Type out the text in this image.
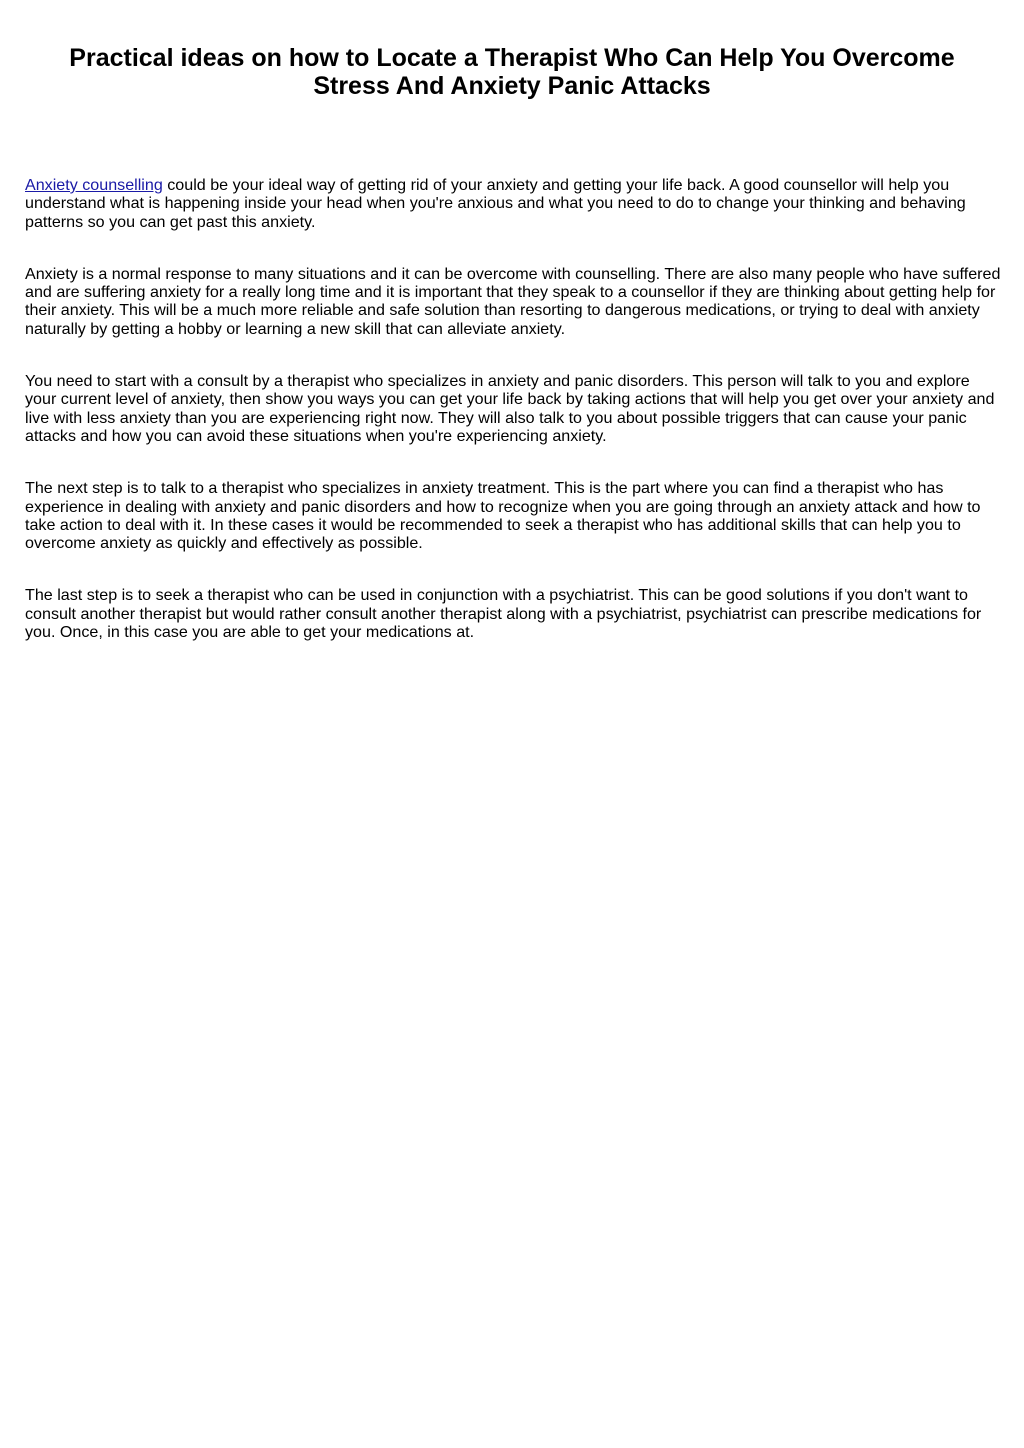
Practical ideas on how to Locate a Therapist Who Can Help You Overcome Stress And Anxiety Panic Attacks

Anxiety counselling could be your ideal way of getting rid of your anxiety and getting your life back. A good counsellor will help you understand what is happening inside your head when you're anxious and what you need to do to change your thinking and behaving patterns so you can get past this anxiety.

Anxiety is a normal response to many situations and it can be overcome with counselling. There are also many people who have suffered and are suffering anxiety for a really long time and it is important that they speak to a counsellor if they are thinking about getting help for their anxiety. This will be a much more reliable and safe solution than resorting to dangerous medications, or trying to deal with anxiety naturally by getting a hobby or learning a new skill that can alleviate anxiety.

You need to start with a consult by a therapist who specializes in anxiety and panic disorders. This person will talk to you and explore your current level of anxiety, then show you ways you can get your life back by taking actions that will help you get over your anxiety and live with less anxiety than you are experiencing right now. They will also talk to you about possible triggers that can cause your panic attacks and how you can avoid these situations when you're experiencing anxiety.

The next step is to talk to a therapist who specializes in anxiety treatment. This is the part where you can find a therapist who has experience in dealing with anxiety and panic disorders and how to recognize when you are going through an anxiety attack and how to take action to deal with it. In these cases it would be recommended to seek a therapist who has additional skills that can help you to overcome anxiety as quickly and effectively as possible.

The last step is to seek a therapist who can be used in conjunction with a psychiatrist. This can be good solutions if you don't want to consult another therapist but would rather consult another therapist along with a psychiatrist, psychiatrist can prescribe medications for you. Once, in this case you are able to get your medications at.
